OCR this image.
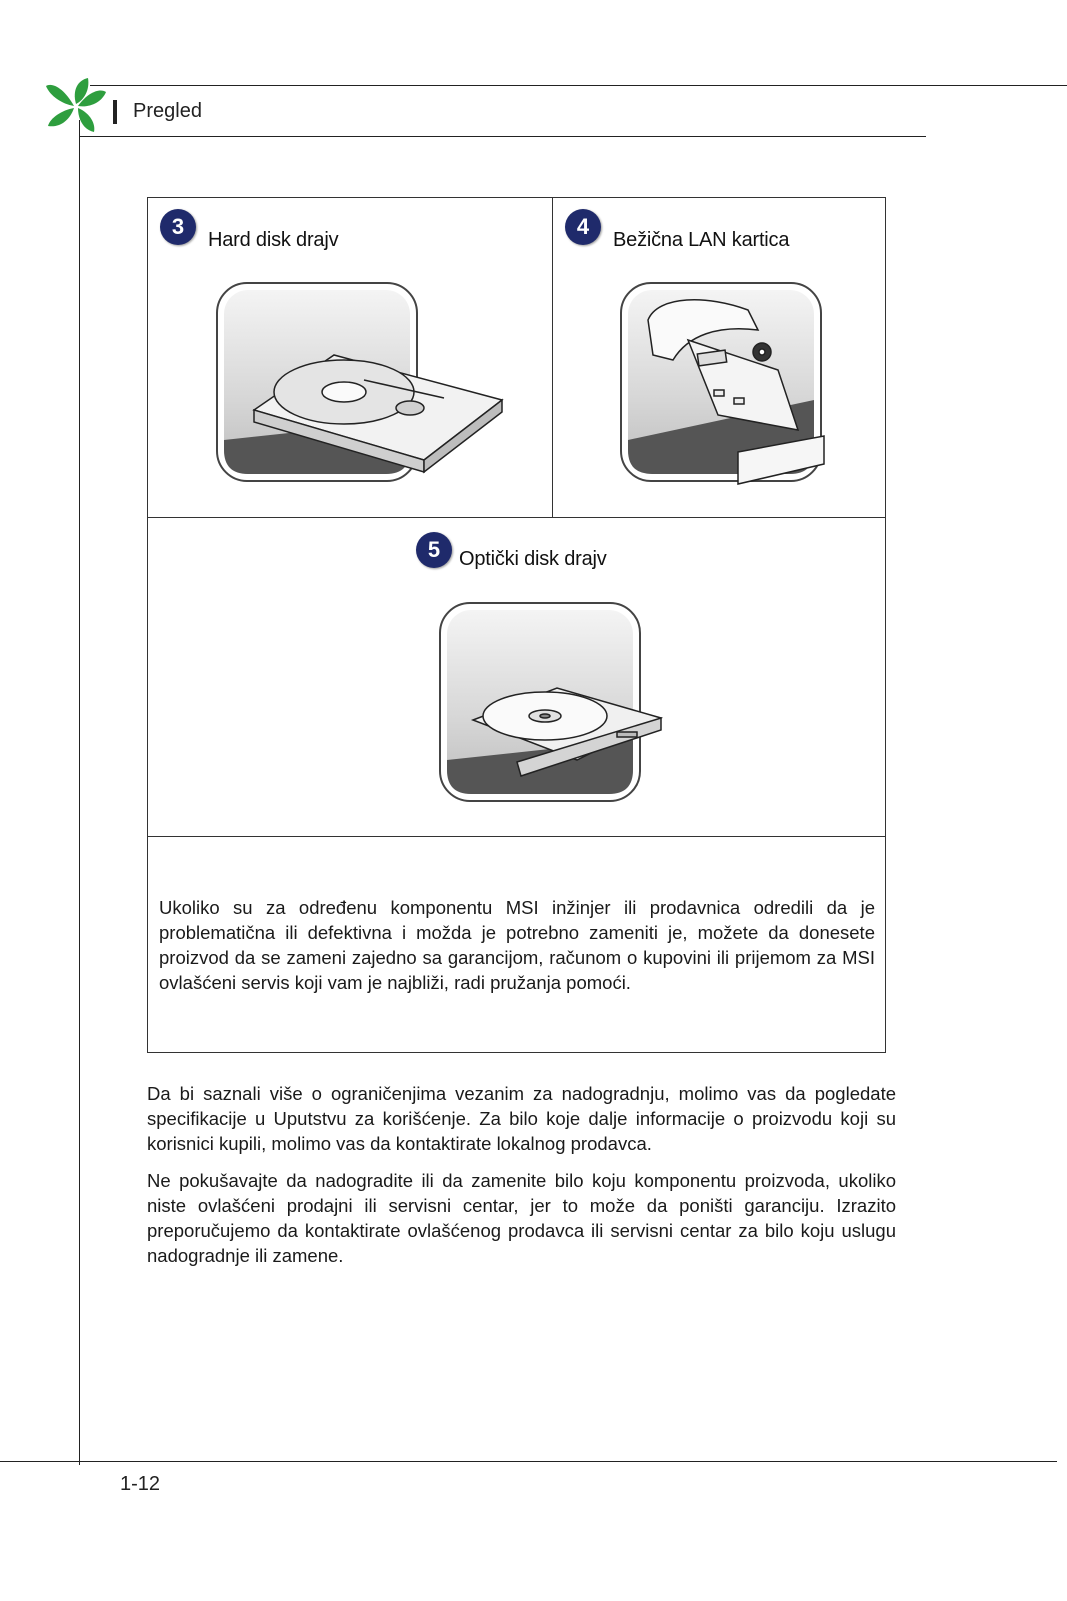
Pregled
3
Hard disk drajv
4
Bežična LAN kartica
5 Optički disk drajv
Ukoliko su za određenu komponentu MSI inžinjer ili prodavnica odredili da je problematična ili defektivna i možda je potrebno zameniti je, možete da donesete proizvod da se zameni zajedno sa garancijom, računom o kupovini ili prijemom za MSI ovlašćeni servis koji vam je najbliži, radi pružanja pomoći.
Da bi saznali više o ograničenjima vezanim za nadogradnju, molimo vas da pogledate specifikacije u Uputstvu za korišćenje. Za bilo koje dalje informacije o proizvodu koji su korisnici kupili, molimo vas da kontaktirate lokalnog prodavca.
Ne pokušavajte da nadogradite ili da zamenite bilo koju komponentu proizvoda, ukoliko niste ovlašćeni prodajni ili servisni centar, jer to može da poništi garanciju. Izrazito preporučujemo da kontaktirate ovlašćenog prodavca ili servisni centar za bilo koju uslugu nadogradnje ili zamene.
1-12
